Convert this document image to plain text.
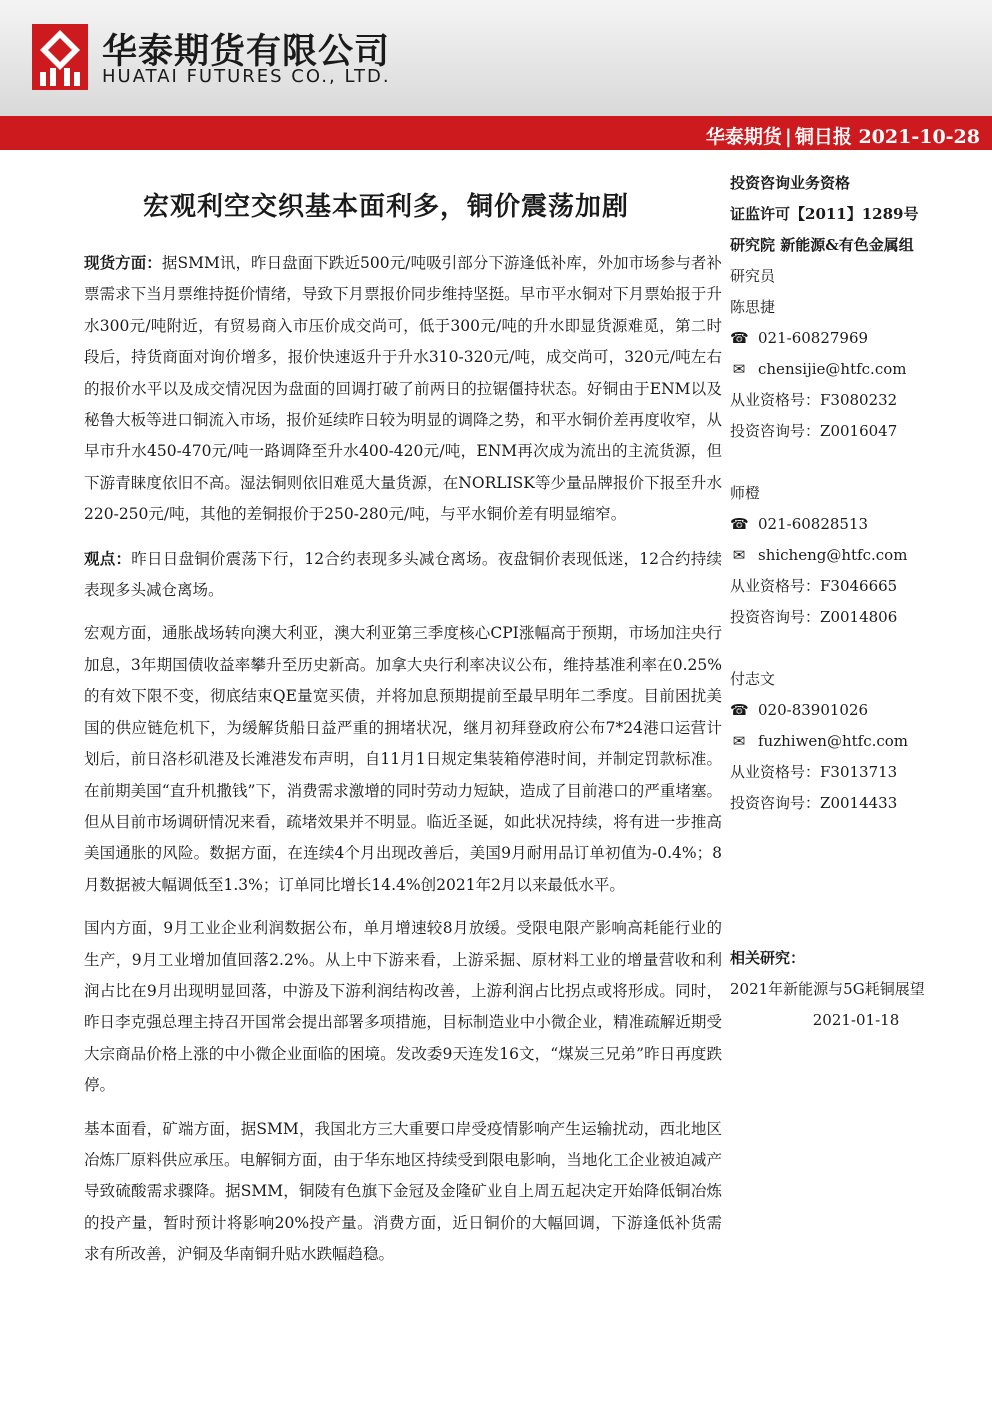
华泰期货有限公司
HUATAI FUTURES CO., LTD.
华泰期货 | 铜日报 2021-10-28
宏观利空交织基本面利多，铜价震荡加剧

现货方面：据SMM讯，昨日盘面下跌近500元/吨吸引部分下游逢低补库，外加市场参与者补票需求下当月票维持挺价情绪，导致下月票报价同步维持坚挺。早市平水铜对下月票始报于升水300元/吨附近，有贸易商入市压价成交尚可，低于300元/吨的升水即显货源难觅，第二时段后，持货商面对询价增多，报价快速返升于升水310-320元/吨，成交尚可，320元/吨左右的报价水平以及成交情况因为盘面的回调打破了前两日的拉锯僵持状态。好铜由于ENM以及秘鲁大板等进口铜流入市场，报价延续昨日较为明显的调降之势，和平水铜价差再度收窄，从早市升水450-470元/吨一路调降至升水400-420元/吨，ENM再次成为流出的主流货源，但下游青睐度依旧不高。湿法铜则依旧难觅大量货源，在NORLISK等少量品牌报价下报至升水220-250元/吨，其他的差铜报价于250-280元/吨，与平水铜价差有明显缩窄。

观点：昨日日盘铜价震荡下行，12合约表现多头减仓离场。夜盘铜价表现低迷，12合约持续表现多头减仓离场。

宏观方面，通胀战场转向澳大利亚，澳大利亚第三季度核心CPI涨幅高于预期，市场加注央行加息，3年期国债收益率攀升至历史新高。加拿大央行利率决议公布，维持基准利率在0.25%的有效下限不变，彻底结束QE量宽买债，并将加息预期提前至最早明年二季度。目前困扰美国的供应链危机下，为缓解货船日益严重的拥堵状况，继月初拜登政府公布7*24港口运营计划后，前日洛杉矶港及长滩港发布声明，自11月1日规定集装箱停港时间，并制定罚款标准。在前期美国“直升机撒钱”下，消费需求激增的同时劳动力短缺，造成了目前港口的严重堵塞。但从目前市场调研情况来看，疏堵效果并不明显。临近圣诞，如此状况持续，将有进一步推高美国通胀的风险。数据方面，在连续4个月出现改善后，美国9月耐用品订单初值为-0.4%；8月数据被大幅调低至1.3%；订单同比增长14.4%创2021年2月以来最低水平。

国内方面，9月工业企业利润数据公布，单月增速较8月放缓。受限电限产影响高耗能行业的生产，9月工业增加值回落2.2%。从上中下游来看，上游采掘、原材料工业的增量营收和利润占比在9月出现明显回落，中游及下游利润结构改善，上游利润占比拐点或将形成。同时，昨日李克强总理主持召开国常会提出部署多项措施，目标制造业中小微企业，精准疏解近期受大宗商品价格上涨的中小微企业面临的困境。发改委9天连发16文，“煤炭三兄弟”昨日再度跌停。

基本面看，矿端方面，据SMM，我国北方三大重要口岸受疫情影响产生运输扰动，西北地区冶炼厂原料供应承压。电解铜方面，由于华东地区持续受到限电影响，当地化工企业被迫减产导致硫酸需求骤降。据SMM，铜陵有色旗下金冠及金隆矿业自上周五起决定开始降低铜冶炼的投产量，暂时预计将影响20%投产量。消费方面，近日铜价的大幅回调，下游逢低补货需求有所改善，沪铜及华南铜升贴水跌幅趋稳。

投资咨询业务资格
证监许可【2011】1289号
研究院 新能源&有色金属组
研究员
陈思捷
☎ 021-60827969
✉ chensijie@htfc.com
从业资格号：F3080232
投资咨询号：Z0016047
师橙
☎ 021-60828513
✉ shicheng@htfc.com
从业资格号：F3046665
投资咨询号：Z0014806
付志文
☎ 020-83901026
✉ fuzhiwen@htfc.com
从业资格号：F3013713
投资咨询号：Z0014433
相关研究：
2021年新能源与5G耗铜展望
2021-01-18
